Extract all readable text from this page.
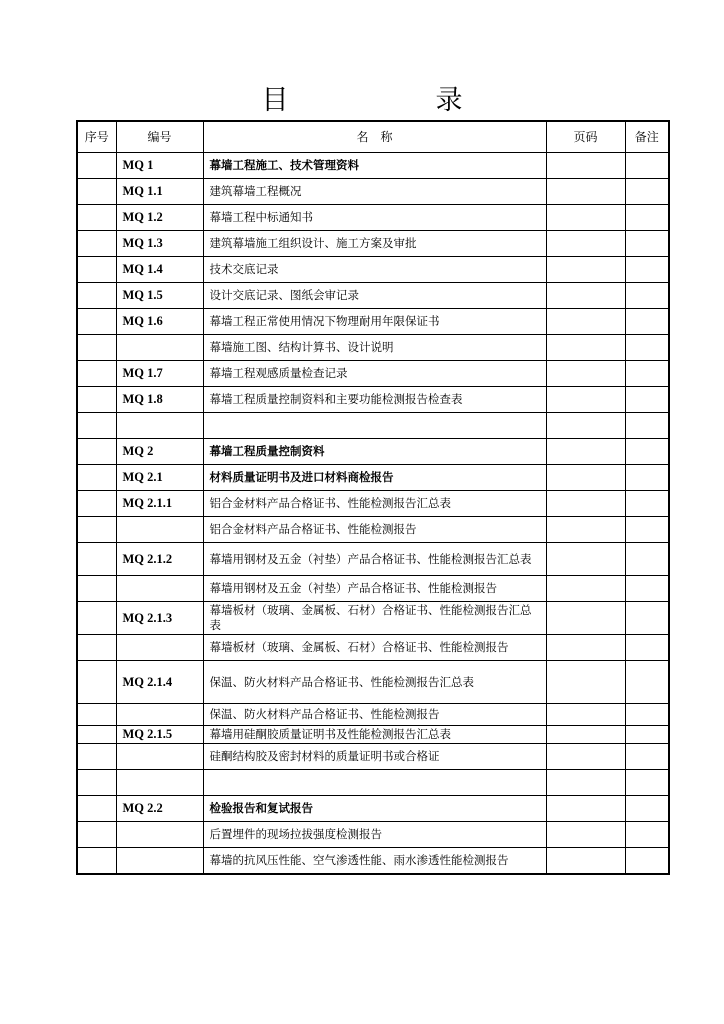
目　录
序号	编号	名　称	页码	备注
	MQ 1	幕墙工程施工、技术管理资料		
	MQ 1.1	建筑幕墙工程概况		
	MQ 1.2	幕墙工程中标通知书		
	MQ 1.3	建筑幕墙施工组织设计、施工方案及审批		
	MQ 1.4	技术交底记录		
	MQ 1.5	设计交底记录、图纸会审记录		
	MQ 1.6	幕墙工程正常使用情况下物理耐用年限保证书		
		幕墙施工图、结构计算书、设计说明		
	MQ 1.7	幕墙工程观感质量检查记录		
	MQ 1.8	幕墙工程质量控制资料和主要功能检测报告检查表		

	MQ 2	幕墙工程质量控制资料		
	MQ 2.1	材料质量证明书及进口材料商检报告		
	MQ 2.1.1	铝合金材料产品合格证书、性能检测报告汇总表		
		铝合金材料产品合格证书、性能检测报告		
	MQ 2.1.2	幕墙用钢材及五金（衬垫）产品合格证书、性能检测报告汇总表		
		幕墙用钢材及五金（衬垫）产品合格证书、性能检测报告		
	MQ 2.1.3	幕墙板材（玻璃、金属板、石材）合格证书、性能检测报告汇总表		
		幕墙板材（玻璃、金属板、石材）合格证书、性能检测报告		
	MQ 2.1.4	保温、防火材料产品合格证书、性能检测报告汇总表		
		保温、防火材料产品合格证书、性能检测报告		
	MQ 2.1.5	幕墙用硅酮胶质量证明书及性能检测报告汇总表		
		硅酮结构胶及密封材料的质量证明书或合格证		

	MQ 2.2	检验报告和复试报告		
		后置埋件的现场拉拔强度检测报告		
		幕墙的抗风压性能、空气渗透性能、雨水渗透性能检测报告		
